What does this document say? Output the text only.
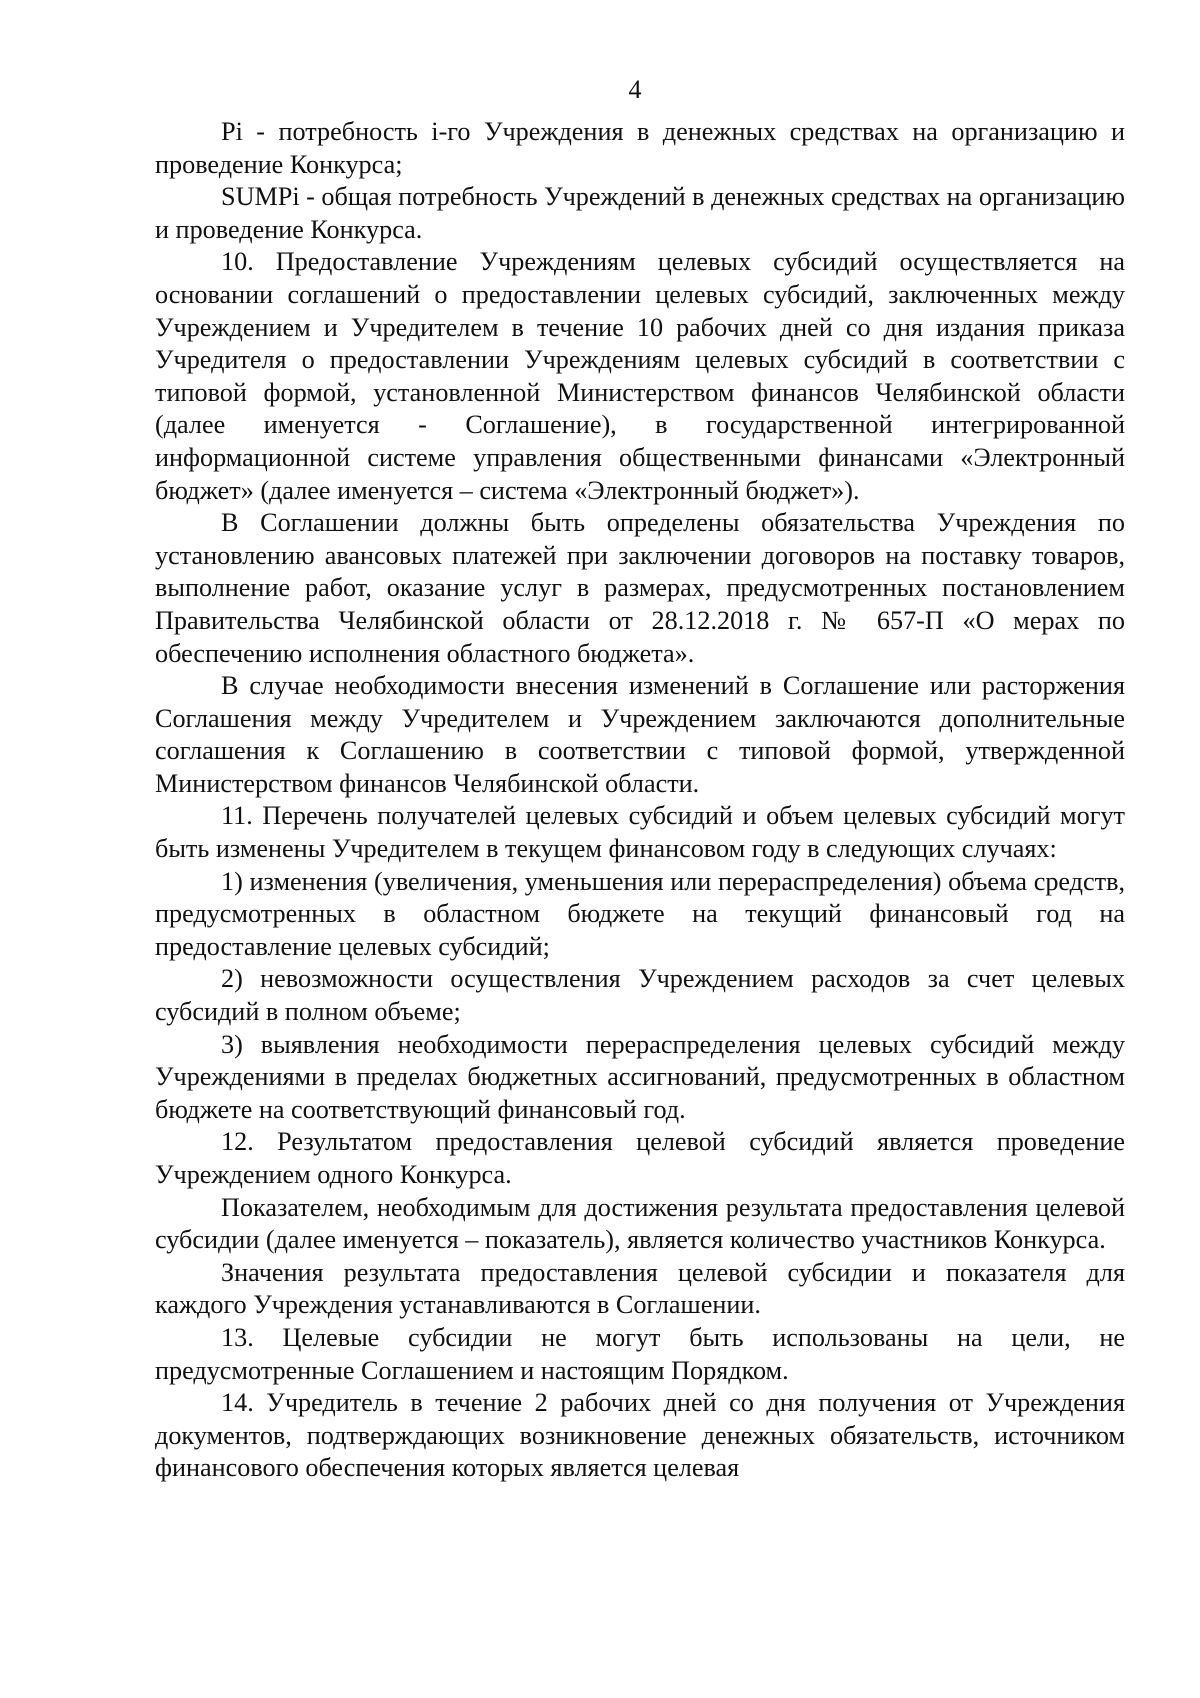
4

Pi - потребность i-го Учреждения в денежных средствах на организацию и проведение Конкурса;

SUMPi - общая потребность Учреждений в денежных средствах на организацию и проведение Конкурса.

10. Предоставление Учреждениям целевых субсидий осуществляется на основании соглашений о предоставлении целевых субсидий, заключенных между Учреждением и Учредителем в течение 10 рабочих дней со дня издания приказа Учредителя о предоставлении Учреждениям целевых субсидий в соответствии с типовой формой, установленной Министерством финансов Челябинской области (далее именуется - Соглашение), в государственной интегрированной информационной системе управления общественными финансами «Электронный бюджет» (далее именуется – система «Электронный бюджет»).

В Соглашении должны быть определены обязательства Учреждения по установлению авансовых платежей при заключении договоров на поставку товаров, выполнение работ, оказание услуг в размерах, предусмотренных постановлением Правительства Челябинской области от 28.12.2018 г. № 657-П «О мерах по обеспечению исполнения областного бюджета».

В случае необходимости внесения изменений в Соглашение или расторжения Соглашения между Учредителем и Учреждением заключаются дополнительные соглашения к Соглашению в соответствии с типовой формой, утвержденной Министерством финансов Челябинской области.

11. Перечень получателей целевых субсидий и объем целевых субсидий могут быть изменены Учредителем в текущем финансовом году в следующих случаях:

1) изменения (увеличения, уменьшения или перераспределения) объема средств, предусмотренных в областном бюджете на текущий финансовый год на предоставление целевых субсидий;

2) невозможности осуществления Учреждением расходов за счет целевых субсидий в полном объеме;

3) выявления необходимости перераспределения целевых субсидий между Учреждениями в пределах бюджетных ассигнований, предусмотренных в областном бюджете на соответствующий финансовый год.

12. Результатом предоставления целевой субсидий является проведение Учреждением одного Конкурса.

Показателем, необходимым для достижения результата предоставления целевой субсидии (далее именуется – показатель), является количество участников Конкурса.

Значения результата предоставления целевой субсидии и показателя для каждого Учреждения устанавливаются в Соглашении.

13. Целевые субсидии не могут быть использованы на цели, не предусмотренные Соглашением и настоящим Порядком.

14. Учредитель в течение 2 рабочих дней со дня получения от Учреждения документов, подтверждающих возникновение денежных обязательств, источником финансового обеспечения которых является целевая
